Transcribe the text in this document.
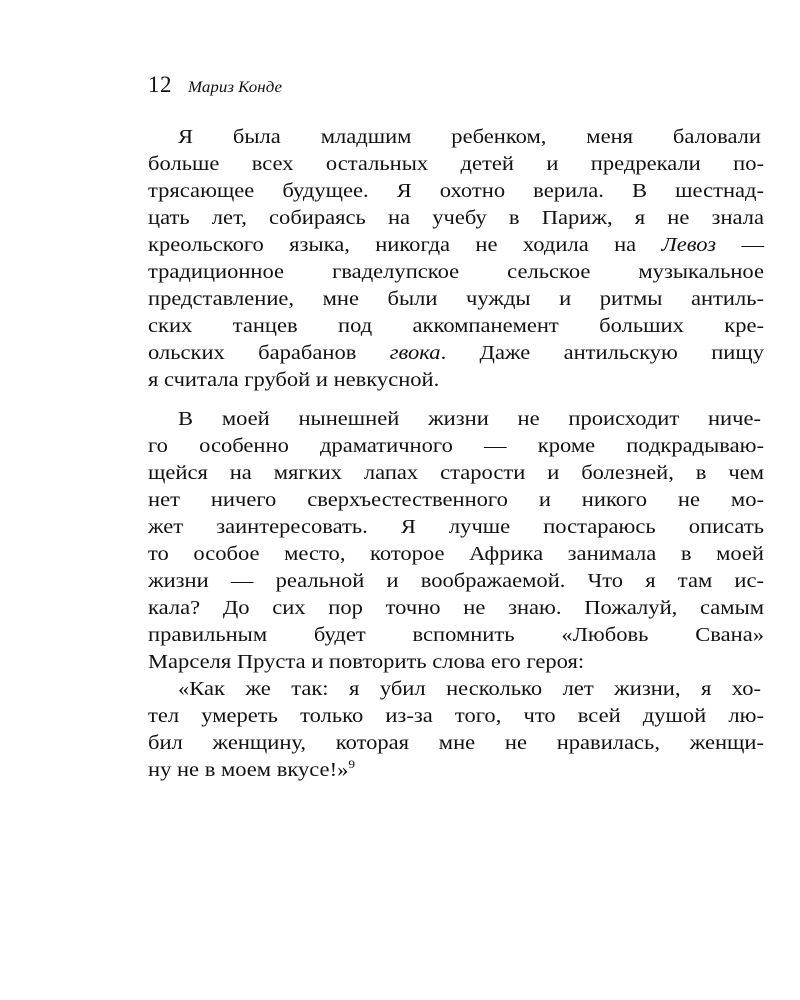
12 Мариз Конде
Я была младшим ребенком, меня баловали
больше всех остальных детей и предрекали по-
трясающее будущее. Я охотно верила. В шестнад-
цать лет, собираясь на учебу в Париж, я не знала
креольского языка, никогда не ходила на Левоз —
традиционное гваделупское сельское музыкальное
представление, мне были чужды и ритмы антиль-
ских танцев под аккомпанемент больших кре-
ольских барабанов гвока. Даже антильскую пищу
я считала грубой и невкусной.
В моей нынешней жизни не происходит ниче-
го особенно драматичного — кроме подкрадываю-
щейся на мягких лапах старости и болезней, в чем
нет ничего сверхъестественного и никого не мо-
жет заинтересовать. Я лучше постараюсь описать
то особое место, которое Африка занимала в моей
жизни — реальной и воображаемой. Что я там ис-
кала? До сих пор точно не знаю. Пожалуй, самым
правильным будет вспомнить «Любовь Свана»
Марселя Пруста и повторить слова его героя:
«Как же так: я убил несколько лет жизни, я хо-
тел умереть только из-за того, что всей душой лю-
бил женщину, которая мне не нравилась, женщи-
ну не в моем вкусе!»$^9$
